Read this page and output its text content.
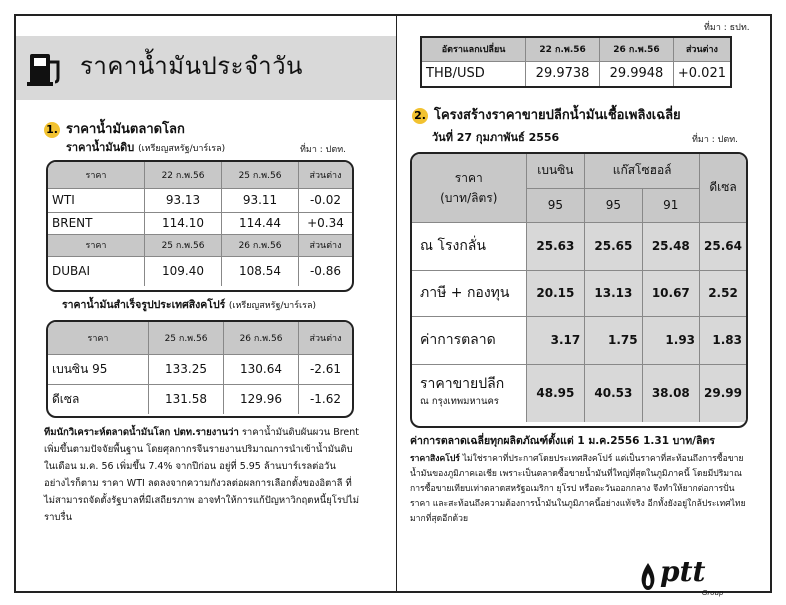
ราคาน้ำมันประจำวัน
1. ราคาน้ำมันตลาดโลก
ราคาน้ำมันดิบ (เหรียญสหรัฐ/บาร์เรล)	ที่มา : ปตท.
ราคา	22 ก.พ.56	25 ก.พ.56	ส่วนต่าง
WTI	93.13	93.11	-0.02
BRENT	114.10	114.44	+0.34
ราคา	25 ก.พ.56	26 ก.พ.56	ส่วนต่าง
DUBAI	109.40	108.54	-0.86
ราคาน้ำมันสำเร็จรูปประเทศสิงคโปร์ (เหรียญสหรัฐ/บาร์เรล)
ราคา	25 ก.พ.56	26 ก.พ.56	ส่วนต่าง
เบนซิน 95	133.25	130.64	-2.61
ดีเซล	131.58	129.96	-1.62
ทีมนักวิเคราะห์ตลาดน้ำมันโลก ปตท.รายงานว่า ราคาน้ำมันดิบผันผวน Brent เพิ่มขึ้นตามปัจจัยพื้นฐาน โดยศุลกากรจีนรายงานปริมาณการนำเข้าน้ำมันดิบในเดือน ม.ค. 56 เพิ่มขึ้น 7.4% จากปีก่อน อยู่ที่ 5.95 ล้านบาร์เรลต่อวัน อย่างไรก็ตาม ราคา WTI ลดลงจากความกังวลต่อผลการเลือกตั้งของอิตาลี ที่ไม่สามารถจัดตั้งรัฐบาลที่มีเสถียรภาพ อาจทำให้การแก้ปัญหาวิกฤตหนี้ยุโรปไม่ราบรื่น
ที่มา : ธปท.
อัตราแลกเปลี่ยน	22 ก.พ.56	26 ก.พ.56	ส่วนต่าง
THB/USD	29.9738	29.9948	+0.021
2. โครงสร้างราคาขายปลีกน้ำมันเชื้อเพลิงเฉลี่ย
วันที่ 27 กุมภาพันธ์ 2556	ที่มา : ปตท.
ราคา
(บาท/ลิตร)	เบนซิน	แก๊สโซฮอล์		ดีเซล
	95	95	91	
ณ โรงกลั่น	25.63	25.65	25.48	25.64
ภาษี + กองทุน	20.15	13.13	10.67	2.52
ค่าการตลาด	3.17	1.75	1.93	1.83

ราคาขายปลีก
ณ กรุงเทพมหานคร	48.95	40.53	38.08	29.99
ค่าการตลาดเฉลี่ยทุกผลิตภัณฑ์ตั้งแต่ 1 ม.ค.2556 1.31 บาท/ลิตร
ราคาสิงคโปร์ ไม่ใช่ราคาที่ประกาศโดยประเทศสิงคโปร์ แต่เป็นราคาที่สะท้อนถึงการซื้อขายน้ำมันของภูมิภาคเอเชีย เพราะเป็นตลาดซื้อขายน้ำมันที่ใหญ่ที่สุดในภูมิภาคนี้ โดยมีปริมาณการซื้อขายเทียบเท่าตลาดสหรัฐอเมริกา ยุโรป หรือตะวันออกกลาง จึงทำให้ยากต่อการปั่นราคา และสะท้อนถึงความต้องการน้ำมันในภูมิภาคนี้อย่างแท้จริง อีกทั้งยังอยู่ใกล้ประเทศไทยมากที่สุดอีกด้วย
ptt
Group
